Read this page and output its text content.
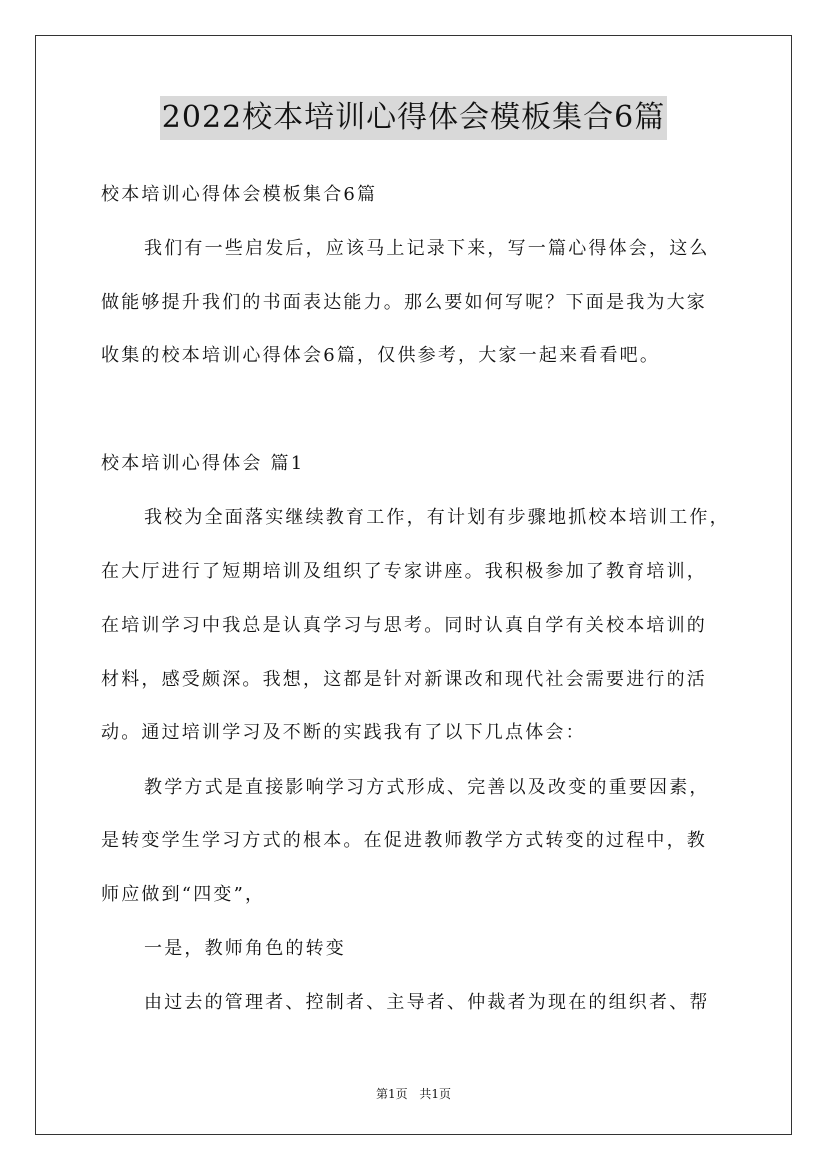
2022校本培训心得体会模板集合6篇
校本培训心得体会模板集合6篇
我们有一些启发后，应该马上记录下来，写一篇心得体会，这么
做能够提升我们的书面表达能力。那么要如何写呢？下面是我为大家
收集的校本培训心得体会6篇，仅供参考，大家一起来看看吧。
校本培训心得体会 篇1
我校为全面落实继续教育工作，有计划有步骤地抓校本培训工作，
在大厅进行了短期培训及组织了专家讲座。我积极参加了教育培训，
在培训学习中我总是认真学习与思考。同时认真自学有关校本培训的
材料，感受颇深。我想，这都是针对新课改和现代社会需要进行的活
动。通过培训学习及不断的实践我有了以下几点体会：
教学方式是直接影响学习方式形成、完善以及改变的重要因素，
是转变学生学习方式的根本。在促进教师教学方式转变的过程中，教
师应做到“四变”，
一是，教师角色的转变
由过去的管理者、控制者、主导者、仲裁者为现在的组织者、帮
第1页 共1页
